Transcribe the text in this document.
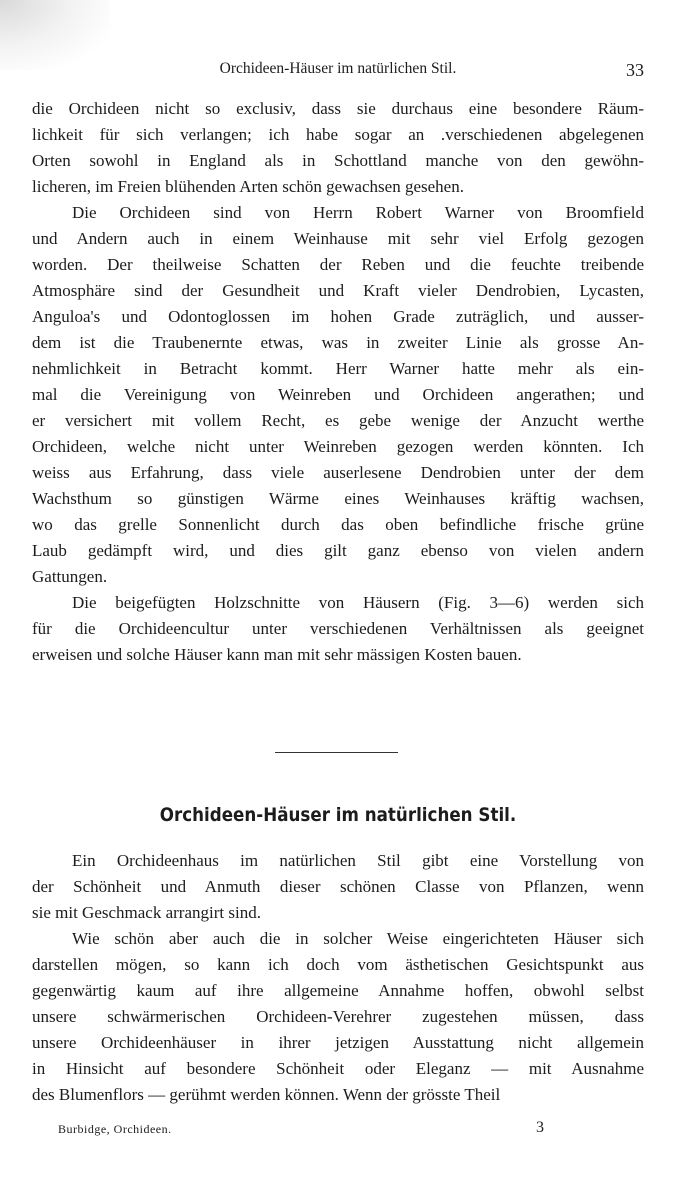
Orchideen-Häuser im natürlichen Stil.	33
die Orchideen nicht so exclusiv, dass sie durchaus eine besondere Räum-
lichkeit für sich verlangen; ich habe sogar an .verschiedenen abgelegenen
Orten sowohl in England als in Schottland manche von den gewöhn-
licheren, im Freien blühenden Arten schön gewachsen gesehen.
Die Orchideen sind von Herrn Robert Warner von Broomfield
und Andern auch in einem Weinhause mit sehr viel Erfolg gezogen
worden. Der theilweise Schatten der Reben und die feuchte treibende
Atmosphäre sind der Gesundheit und Kraft vieler Dendrobien, Lycasten,
Anguloa's und Odontoglossen im hohen Grade zuträglich, und ausser-
dem ist die Traubenernte etwas, was in zweiter Linie als grosse An-
nehmlichkeit in Betracht kommt. Herr Warner hatte mehr als ein-
mal die Vereinigung von Weinreben und Orchideen angerathen; und
er versichert mit vollem Recht, es gebe wenige der Anzucht werthe
Orchideen, welche nicht unter Weinreben gezogen werden könnten. Ich
weiss aus Erfahrung, dass viele auserlesene Dendrobien unter der dem
Wachsthum so günstigen Wärme eines Weinhauses kräftig wachsen,
wo das grelle Sonnenlicht durch das oben befindliche frische grüne
Laub gedämpft wird, und dies gilt ganz ebenso von vielen andern
Gattungen.
Die beigefügten Holzschnitte von Häusern (Fig. 3—6) werden sich
für die Orchideencultur unter verschiedenen Verhältnissen als geeignet
erweisen und solche Häuser kann man mit sehr mässigen Kosten bauen.
Orchideen-Häuser im natürlichen Stil.
Ein Orchideenhaus im natürlichen Stil gibt eine Vorstellung von
der Schönheit und Anmuth dieser schönen Classe von Pflanzen, wenn
sie mit Geschmack arrangirt sind.
Wie schön aber auch die in solcher Weise eingerichteten Häuser sich
darstellen mögen, so kann ich doch vom ästhetischen Gesichtspunkt aus
gegenwärtig kaum auf ihre allgemeine Annahme hoffen, obwohl selbst
unsere schwärmerischen Orchideen-Verehrer zugestehen müssen, dass
unsere Orchideenhäuser in ihrer jetzigen Ausstattung nicht allgemein
in Hinsicht auf besondere Schönheit oder Eleganz — mit Ausnahme
des Blumenflors — gerühmt werden können. Wenn der grösste Theil
Burbidge, Orchideen.	3
